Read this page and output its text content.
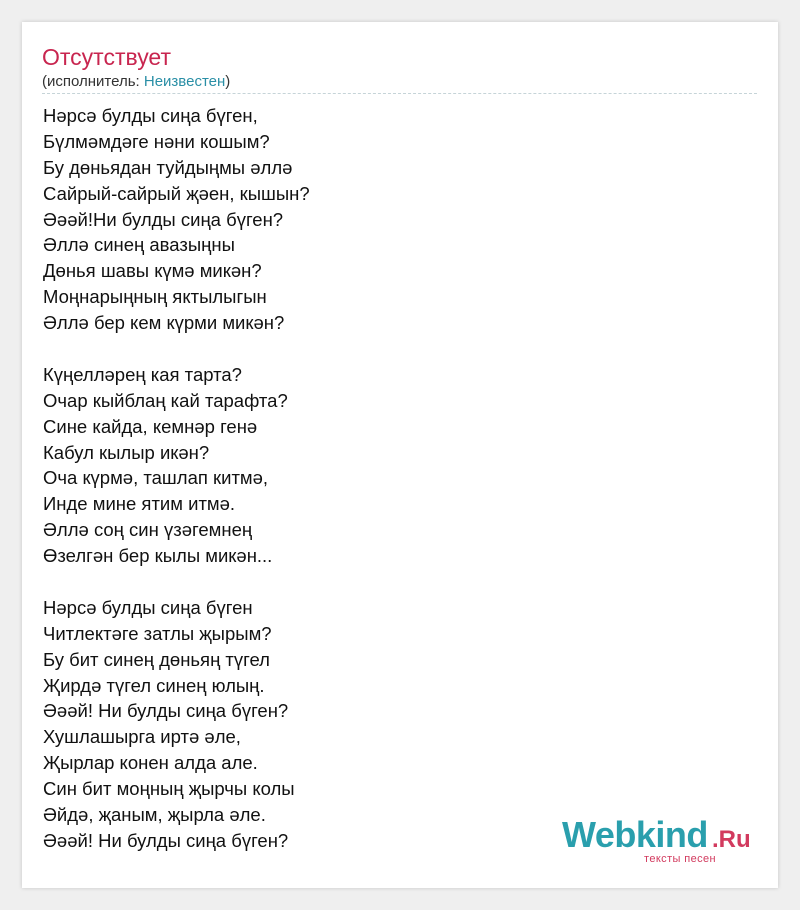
Отсутствует
(исполнитель: Неизвестен)
Нәрсә булды сиңа бүген,
Бүлмәмдәге нәни кошым?
Бу дөньядан туйдыңмы әллә
Сайрый-сайрый җәен, кышын?
Әәәй!Ни булды сиңа бүген?
Әллә синең авазыңны
Дөнья шавы күмә микән?
Моңнарыңның яктылыгын
Әллә бер кем күрми микән?
Күңелләрең кая тарта?
Очар кыйблаң кай тарафта?
Сине кайда, кемнәр генә
Кабул кылыр икән?
Оча күрмә, ташлап китмә,
Инде мине ятим итмә.
Әллә соң син үзәгемнең
Өзелгән бер кылы микән...
Нәрсә булды сиңа бүген
Читлектәге затлы җырым?
Бу бит синең дөньяң түгел
Җирдә түгел синең юлың.
Әәәй! Ни булды сиңа бүген?
Хушлашырга иртә әле,
Җырлар конен алда але.
Син бит моңның җырчы колы
Әйдә, җаным, җырла әле.
Әәәй! Ни булды сиңа бүген?	Webkind .Ru
тексты песен
